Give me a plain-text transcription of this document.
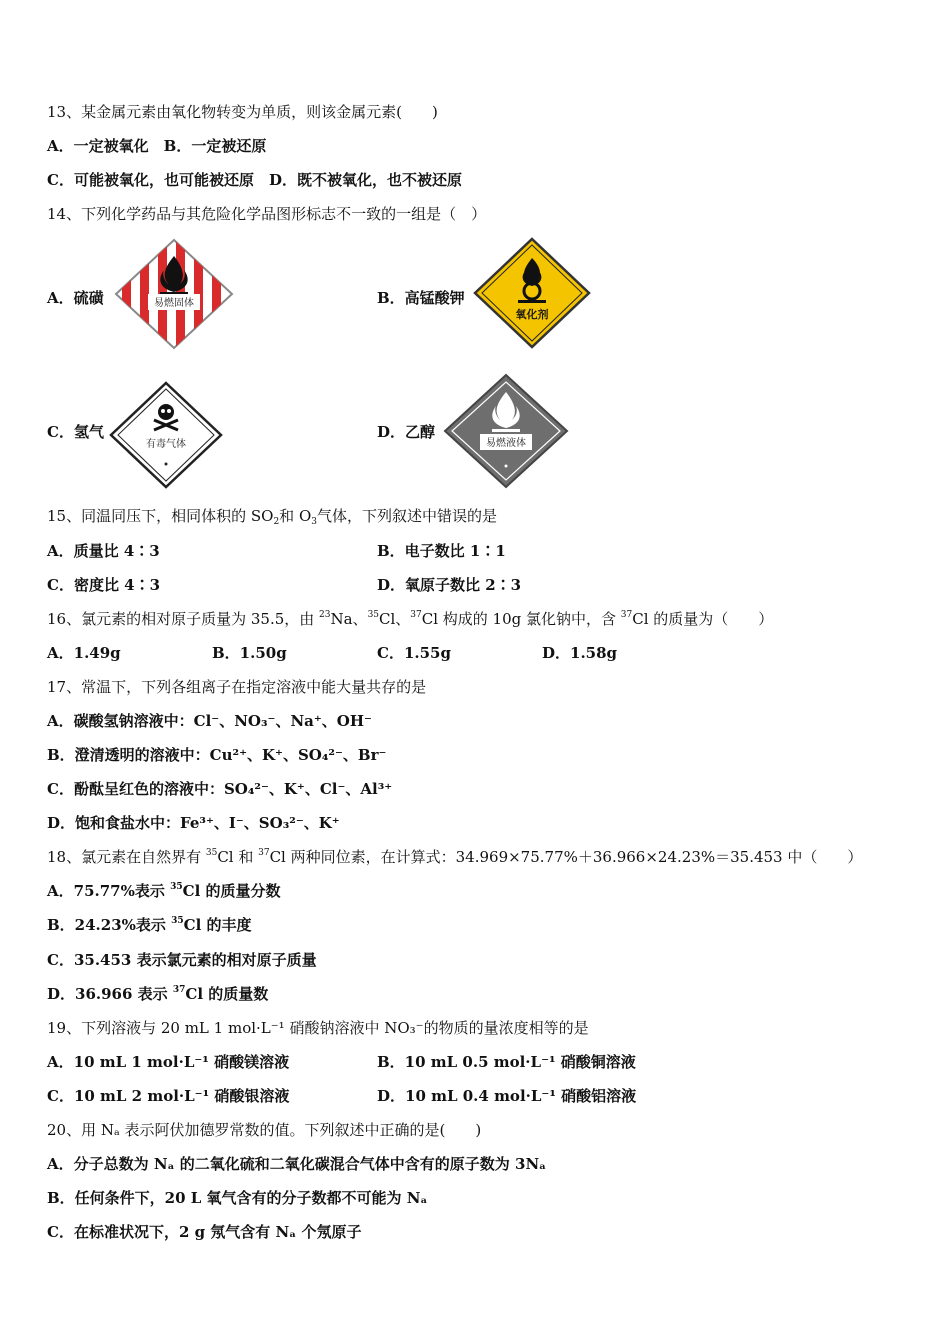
13、某金属元素由氧化物转变为单质，则该金属元素(　　)
A．一定被氧化　B．一定被还原
C．可能被氧化，也可能被还原　D．既不被氧化，也不被还原
14、下列化学药品与其危险化学品图形标志不一致的一组是（　）
A．硫磺	易燃固体	B．高锰酸钾
氧化剂
C．氢气
有毒气体
D．乙醇
易燃液体
15、同温同压下，相同体积的 $SO_2$和 $O_3$气体，下列叙述中错误的是
A．质量比 4∶3	B．电子数比 1∶1
C．密度比 4∶3	D．氧原子数比 2∶3
16、氯元素的相对原子质量为 35.5，由 $^{23}$Na、$^{35}$Cl、$^{37}$Cl 构成的 10g 氯化钠中，含 $^{37}$Cl 的质量为（　　）
A．1.49g	B．1.50g	C．1.55g	D．1.58g
17、常温下，下列各组离子在指定溶液中能大量共存的是
A．碳酸氢钠溶液中：Cl⁻、NO₃⁻、Na⁺、OH⁻
B．澄清透明的溶液中：Cu²⁺、K⁺、SO₄²⁻、Br⁻
C．酚酞呈红色的溶液中：SO₄²⁻、K⁺、Cl⁻、Al³⁺
D．饱和食盐水中：Fe³⁺、I⁻、SO₃²⁻、K⁺
18、氯元素在自然界有 $^{35}$Cl 和 $^{37}$Cl 两种同位素，在计算式：34.969×75.77%＋36.966×24.23%＝35.453 中（　　）
A．75.77%表示 $^{35}$Cl 的质量分数
B．24.23%表示 $^{35}$Cl 的丰度
C．35.453 表示氯元素的相对原子质量
D．36.966 表示 $^{37}$Cl 的质量数
19、下列溶液与 20 mL 1 mol·L⁻¹ 硝酸钠溶液中 NO₃⁻的物质的量浓度相等的是
A．10 mL 1 mol·L⁻¹ 硝酸镁溶液	B．10 mL 0.5 mol·L⁻¹ 硝酸铜溶液
C．10 mL 2 mol·L⁻¹ 硝酸银溶液	D．10 mL 0.4 mol·L⁻¹ 硝酸铝溶液
20、用 Nₐ 表示阿伏加德罗常数的值。下列叙述中正确的是(　　)
A．分子总数为 Nₐ 的二氧化硫和二氧化碳混合气体中含有的原子数为 3Nₐ
B．任何条件下，20 L 氧气含有的分子数都不可能为 Nₐ
C．在标准状况下，2 g 氖气含有 Nₐ 个氖原子
